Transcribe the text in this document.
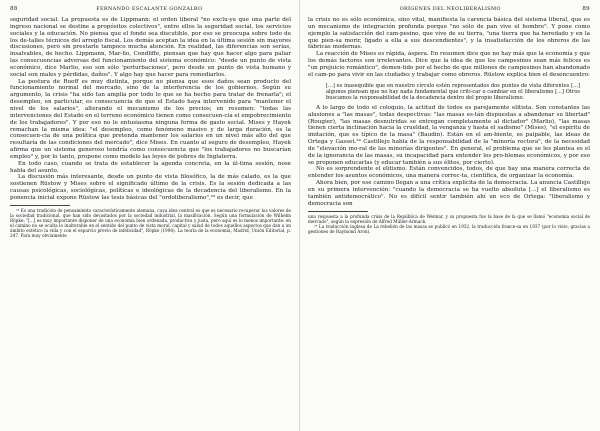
88	FERNANDO ESCALANTE GONZALBO

seguridad social. La propuesta es de Lippmann: el orden liberal "no exclu-ye que una parte del ingreso nacional se destine a propósitos colectivos", entre ellos la seguridad social, los servicios sociales y la educación. No piensa que el fondo sea discutible, por eso se preocupa sobre todo de los de-talles técnicos del arreglo fiscal. Los demás aceptan la idea en la última sesión sin mayores discusiones, pero sin prestarle tampoco mucha atención. En realidad, las diferencias son serias, insalvables, de hecho. Lippmann, Mar-lio, Condliffe, piensan que hay que hacer algo para paliar las consecuencias adversas del funcionamiento del sistema económico: "desde un punto de vista económico, dice Marlio, eso son sólo 'perturbaciones', pero desde un punto de vista humano y social son males y pérdidas, daños". Y algo hay que hacer para remediarlos.

La postura de Rueff es muy distinta, porque no piensa que esos daños sean producto del funcionamiento normal del mercado, sino de la interferencia de los gobiernos. Según su argumento, la crisis "ha sido tan amplia por todo lo que se ha hecho para tratar de frenarla"; el desempleo, en particular, es consecuencia de que el Estado haya intervenido para "mantener el nivel de los salarios", alterando el mecanismo de los precios; en resumen: "todas las intervenciones del Estado en el terreno económico tienen como consecuen-cia el empobrecimiento de los trabajadores". Y por eso no le entusiasma ninguna forma de gasto social. Mises y Hayek remachan la misma idea: "el desempleo, como fenómeno masivo y de larga duración, es la consecuen-cia de una política que pretenda mantener los salarios en un nivel más alto del que resultaría de las condiciones del mercado", dice Mises. En cuanto al seguro de desempleo, Hayek afirma que un sistema generoso tendría como consecuencia que "los trabajadores no buscarían empleo" y, por lo tanto, propone como modelo las leyes de pobres de Inglaterra.

En todo caso, cuando se trata de establecer la agenda concreta, en la úl-tima sesión, nose habla del asunto.

La discusión más interesante, desde un punto de vista filosófico, la de más calado, es la que sostienen Rüstow y Mises sobre el significado último de la crisis. Es la sesión dedicada a las causas psicológicas, sociológicas, políticas e ideológicas de la decadencia del liberalismo. En la ponencia inicial expone Rüstow las tesis básicas del "ordoliberalismo",²³ es decir, que

²³ Es una tradición de pensamiento característicamente alemana, cuya idea central es que es necesario recuperar los valores de la sociedad tradicional, que han sido devastados por la sociedad industrial, la masificación. Según una formulación de Wilhelm Röpke: "[...] es muy importante disponer de una economía bien ordenada, productiva y justa, pero aquí es lo menos importante: en el camino no se oculta lo inalterable en el sentido del punto de vista moral, capital y salud de todos aquellos aspectos que dan a un ámbito estético la vida y con el esparcio previo de infelicidad", Röpke (1998). La teoría de la economía, Madrid, Unión Editorial, p. 247. Para muy obviamente

ORÍGENES DEL NEOLIBERALISMO	89

la crisis no es sólo económica, sino vital, manifiesta la carencia básica del sistema liberal, que es un mecanismo de integración profunda porque "no sólo de pan vive el hombre". Y pone como ejemplo la satisfacción del cam-pesino, que vive de su tierra, "una tierra que ha heredado y en la que pien-sa morir, ligado a ella a sus descendientes", y la insatisfacción de los obreros de las fábricas modernas.

La reacción de Mises es rápida, áspera. En resumen dice que no hay más que la economía y que los demás factores son irrelevantes. Dice que la idea de que los campesinos sean más felices es "un prejuicio romántico", demen-tido por el hecho de que millones de campesinos han abandonado el cam-po para vivir en las ciudades y trabajar como obreros. Rüstow explica bien el desencuentro:

[...] es inasequible que en nuestro círculo estén representados dos puntos de vista diferentes [...] algunos piensan que no hay nada fundamental que criti-car o cambiar en el liberalismo [...] Otros buscamos la responsabilidad de la decadencia dentro del propio liberalismo.

A lo largo de todo el coloquio, la actitud de todos es parejamente elitista. Son constantes las alusiones a "las masas", todas despectivas: "las masas es-tán dispuestas a abandonar su libertad" (Rougier), "las masas desnutridas se entregan completamente al dictador" (Marlio), "las masas tienen cierta inclinación hacia la crueldad, la venganza y hasta el sadismo" (Mises), "el espíritu de imitación, que es típico de la masa" (Baudin). Están en el am-biente, es palpable, las ideas de Ortega y Gasset.²⁴ Castillejo habla de la responsabilidad de la "minoría rectora", de la necesidad de "elevación mo-ral de las minorías dirigentes". En general, el problema que se les plantea es el de la ignorancia de las masas, su incapacidad para entender los pro-blemas económicos, y por eso se proponen educarlas (y educar también a sus élites, por cierto).

No es sorprendente el elitismo. Están convencidos, todos, de que hay una manera correcta de entender los asuntos económicos, una manera correc-ta, científica, de organizar la economía.

Ahora bien, por ese camino llegan a una crítica explícita de la democracia. La anuncia Castillejo en su primera intervención: "cuando la democracia se ha vuelto absoluta [...] el liberalismo es también antidemocrático". No es difícil sentir también ahí un eco de Ortega: "liberalismo y democracia son

una respuesta a la profunda crisis de la República de Weimar, y su propuesta fue la base de la que se llamó "economía social de mercado", según la expresión de Alfred Müller-Armack.

²⁴ La traducción inglesa de La rebelión de las masas se publicó en 1932, la traducción france-sa en 1937 (por lo visto, gracias a gestiones de Raymond Aron).
